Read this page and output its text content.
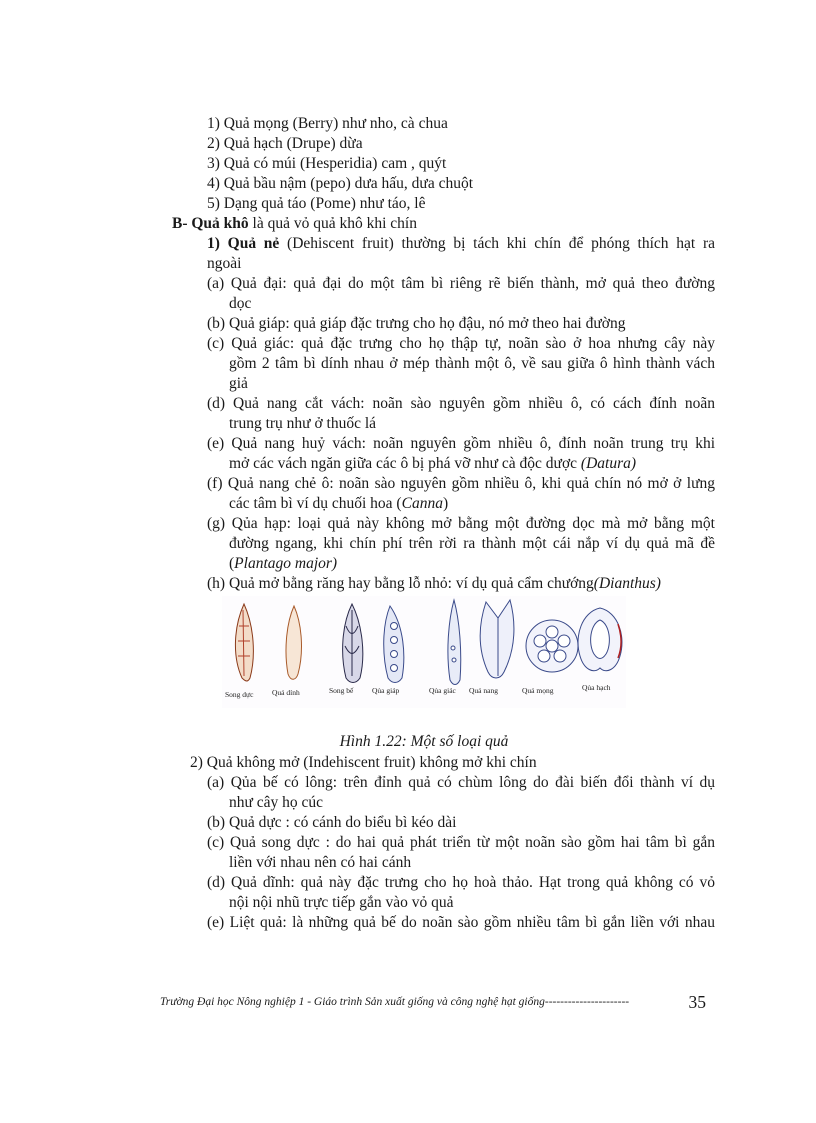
1) Quả mọng (Berry) như nho, cà chua
2) Quả hạch (Drupe) dừa
3) Quả có múi (Hesperidia) cam , quýt
4) Quả bầu nậm (pepo) dưa hấu, dưa chuột
5) Dạng quả táo (Pome) như táo, lê
B- Quả khô là quả vỏ quả khô khi chín
1) Quả nẻ (Dehiscent fruit) thường bị tách khi chín để phóng thích hạt ra
ngoài
(a) Quả đại: quả đại do một tâm bì riêng rẽ biến thành, mở quả theo đường
dọc
(b) Quả giáp: quả giáp đặc trưng cho họ đậu, nó mở theo hai đường
(c) Quả giác: quả đặc trưng cho họ thập tự, noãn sào ở hoa nhưng cây này
gồm 2 tâm bì dính nhau ở mép thành một ô, về sau giữa ô hình thành vách
giả
(d) Quả nang cắt vách: noãn sào nguyên gồm nhiều ô, có cách đính noãn
trung trụ như ở thuốc lá
(e) Quả nang huỷ vách: noãn nguyên gồm nhiều ô, đính noãn trung trụ khi
mở các vách ngăn giữa các ô bị phá vỡ như cà độc dược (Datura)
(f) Quả nang chẻ ô: noãn sào nguyên gồm nhiều ô, khi quả chín nó mở ở lưng
các tâm bì ví dụ chuối hoa (Canna)
(g) Qủa hạp: loại quả này không mở bằng một đường dọc mà mở bằng một
đường ngang, khi chín phí trên rời ra thành một cái nắp ví dụ quả mã đề
(Plantago major)
(h) Quả mở bằng răng hay bằng lỗ nhỏ: ví dụ quả cẩm chướng(Dianthus)
Song dực Quả dính	Song bế Qủa giáp	Qủa giác Quả nang	Quả mọng	Qủa hạch
Hình 1.22: Một số loại quả
2) Quả không mở (Indehiscent fruit) không mở khi chín
(a) Qủa bế có lông: trên đỉnh quả có chùm lông do đài biến đổi thành ví dụ
như cây họ cúc
(b) Quả dực : có cánh do biểu bì kéo dài
(c) Quả song dực : do hai quả phát triển từ một noãn sào gồm hai tâm bì gắn
liền với nhau nên có hai cánh
(d) Quả dĩnh: quả này đặc trưng cho họ hoà thảo. Hạt trong quả không có vỏ
nội nội nhũ trực tiếp gắn vào vỏ quả
(e) Liệt quả: là những quả bế do noãn sào gồm nhiều tâm bì gắn liền với nhau
Trường Đại học Nông nghiệp 1 - Giáo trình Sản xuất giống và công nghệ hạt giống----------------------	35
